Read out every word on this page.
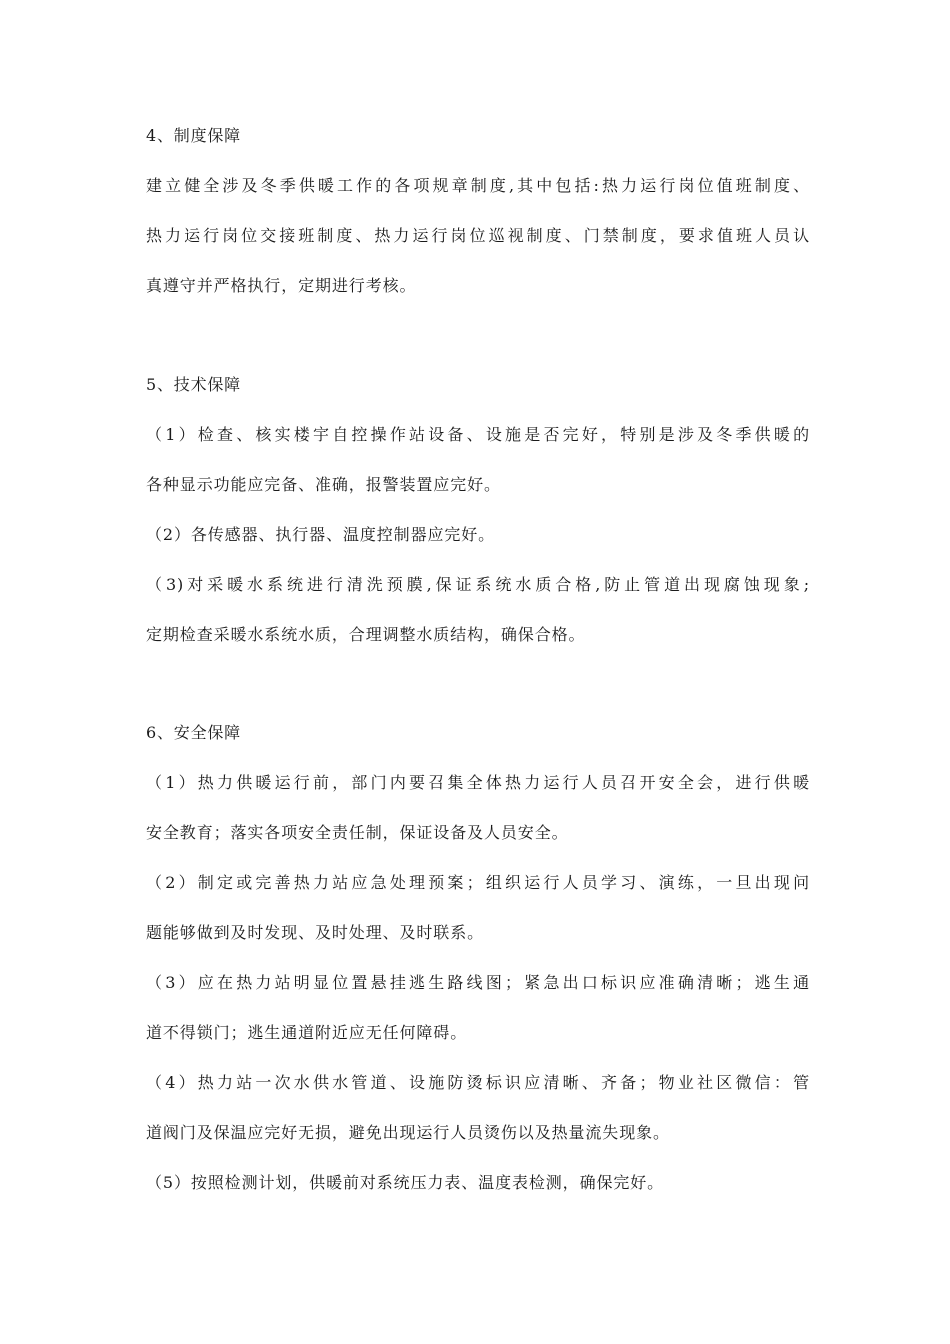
4、制度保障
建立健全涉及冬季供暖工作的各项规章制度,其中包括:热力运行岗位值班制度、
热力运行岗位交接班制度、热力运行岗位巡视制度、门禁制度，要求值班人员认
真遵守并严格执行，定期进行考核。
5、技术保障
（1）检查、核实楼宇自控操作站设备、设施是否完好，特别是涉及冬季供暖的
各种显示功能应完备、准确，报警装置应完好。
（2）各传感器、执行器、温度控制器应完好。
（3)对采暖水系统进行清洗预膜,保证系统水质合格,防止管道出现腐蚀现象;
定期检查采暖水系统水质，合理调整水质结构，确保合格。
6、安全保障
（1）热力供暖运行前，部门内要召集全体热力运行人员召开安全会，进行供暖
安全教育；落实各项安全责任制，保证设备及人员安全。
（2）制定或完善热力站应急处理预案；组织运行人员学习、演练，一旦出现问
题能够做到及时发现、及时处理、及时联系。
（3）应在热力站明显位置悬挂逃生路线图；紧急出口标识应准确清晰；逃生通
道不得锁门；逃生通道附近应无任何障碍。
（4）热力站一次水供水管道、设施防烫标识应清晰、齐备；物业社区微信：管
道阀门及保温应完好无损，避免出现运行人员烫伤以及热量流失现象。
（5）按照检测计划，供暖前对系统压力表、温度表检测，确保完好。
